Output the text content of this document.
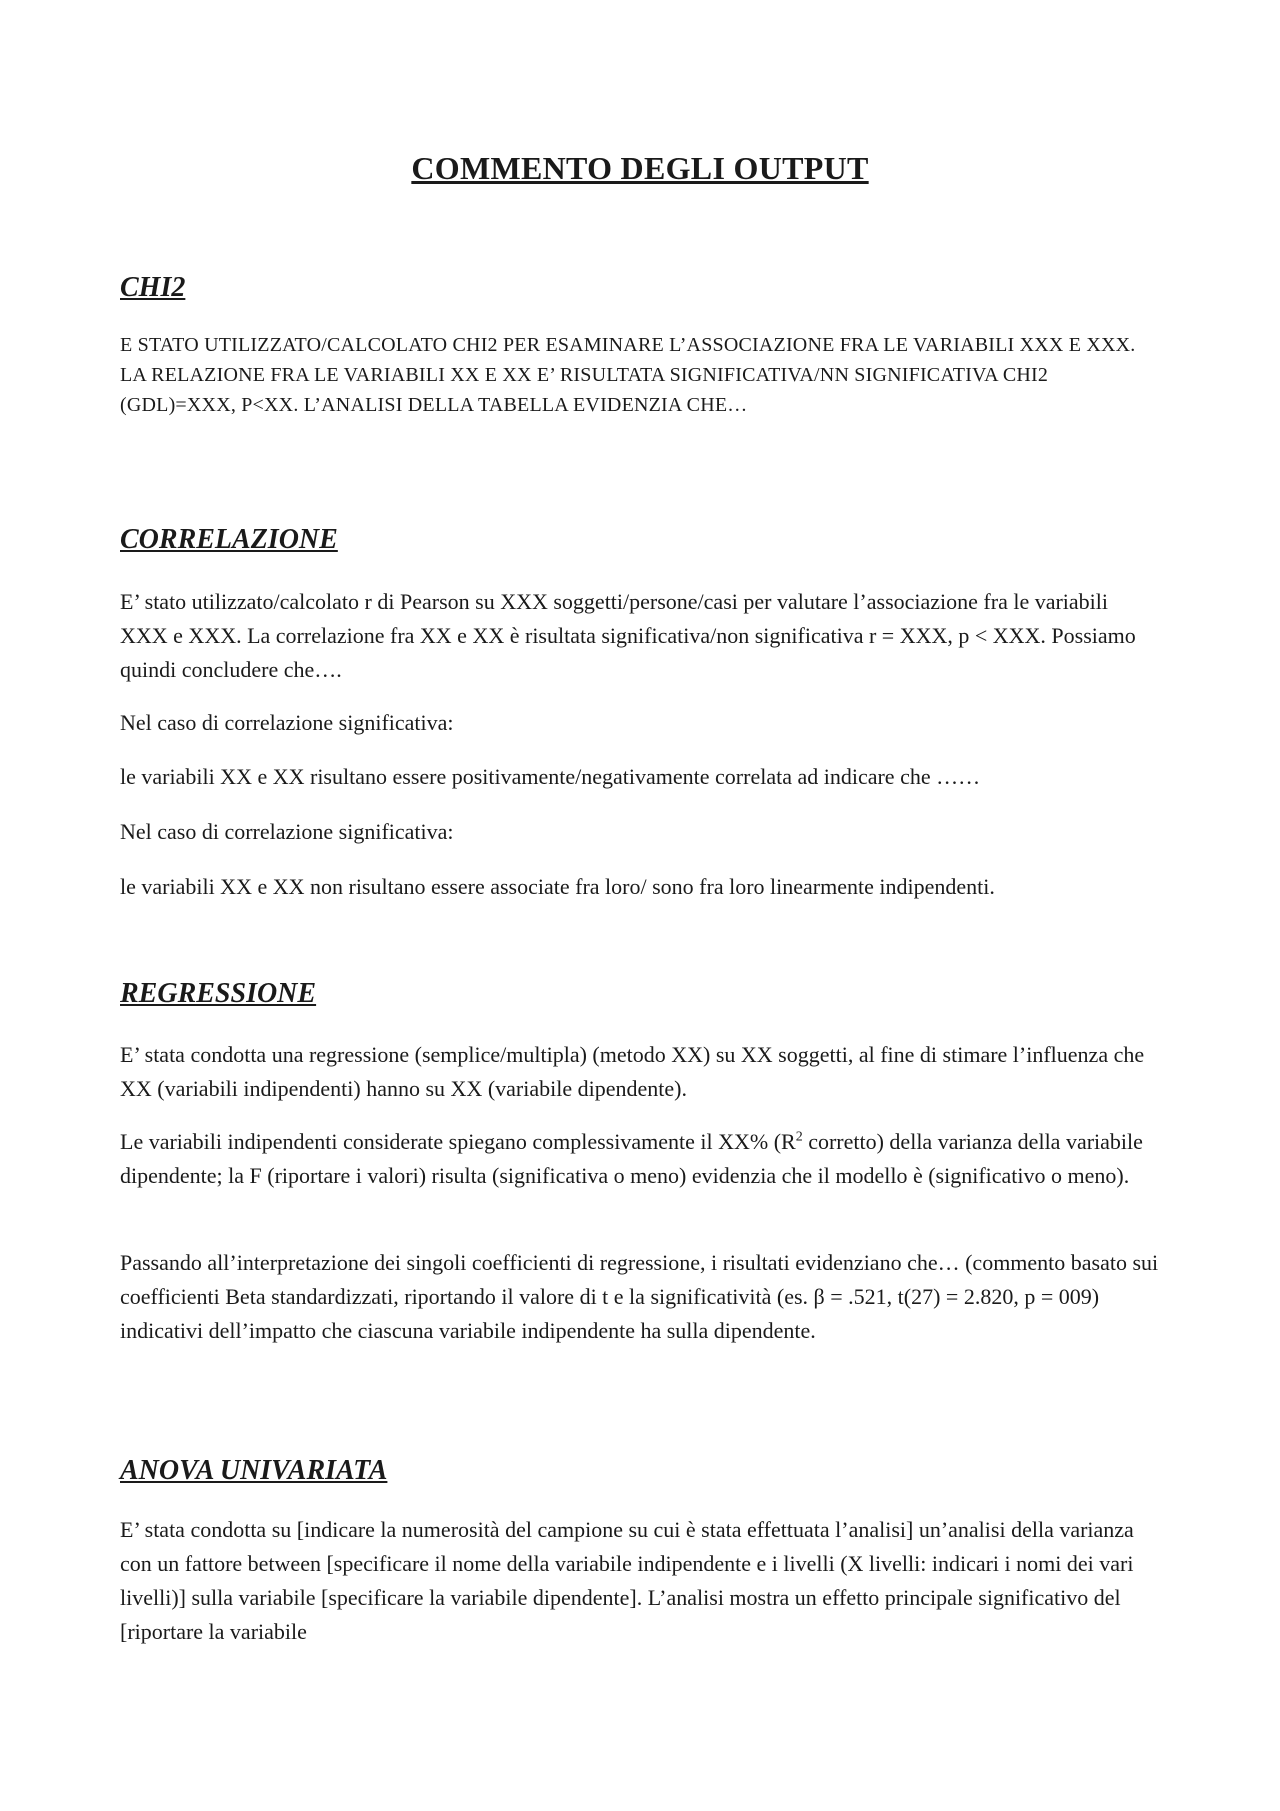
COMMENTO DEGLI OUTPUT
CHI2

E STATO UTILIZZATO/CALCOLATO CHI2 PER ESAMINARE L’ASSOCIAZIONE FRA LE VARIABILI XXX E XXX. LA RELAZIONE FRA LE VARIABILI XX E XX E’ RISULTATA SIGNIFICATIVA/NN SIGNIFICATIVA CHI2 (GDL)=XXX, P<XX. L’ANALISI DELLA TABELLA EVIDENZIA CHE…

CORRELAZIONE

E’ stato utilizzato/calcolato r di Pearson su XXX soggetti/persone/casi per valutare l’associazione fra le variabili XXX e XXX. La correlazione fra XX e XX è risultata significativa/non significativa r = XXX, p < XXX. Possiamo quindi concludere che….

Nel caso di correlazione significativa:

le variabili XX e XX risultano essere positivamente/negativamente correlata ad indicare che ……

Nel caso di correlazione significativa:

le variabili XX e XX non risultano essere associate fra loro/ sono fra loro linearmente indipendenti.

REGRESSIONE

E’ stata condotta una regressione (semplice/multipla) (metodo XX) su XX soggetti, al fine di stimare l’influenza che XX (variabili indipendenti) hanno su XX (variabile dipendente).

Le variabili indipendenti considerate spiegano complessivamente il XX% ($R^2$ corretto) della varianza della variabile dipendente; la F (riportare i valori) risulta (significativa o meno) evidenzia che il modello è (significativo o meno).

Passando all’interpretazione dei singoli coefficienti di regressione, i risultati evidenziano che… (commento basato sui coefficienti Beta standardizzati, riportando il valore di t e la significatività (es. β = .521, t(27) = 2.820, p = 009) indicativi dell’impatto che ciascuna variabile indipendente ha sulla dipendente.

ANOVA UNIVARIATA

E’ stata condotta su [indicare la numerosità del campione su cui è stata effettuata l’analisi] un’analisi della varianza con un fattore between [specificare il nome della variabile indipendente e i livelli (X livelli: indicari i nomi dei vari livelli)] sulla variabile [specificare la variabile dipendente]. L’analisi mostra un effetto principale significativo del [riportare la variabile
